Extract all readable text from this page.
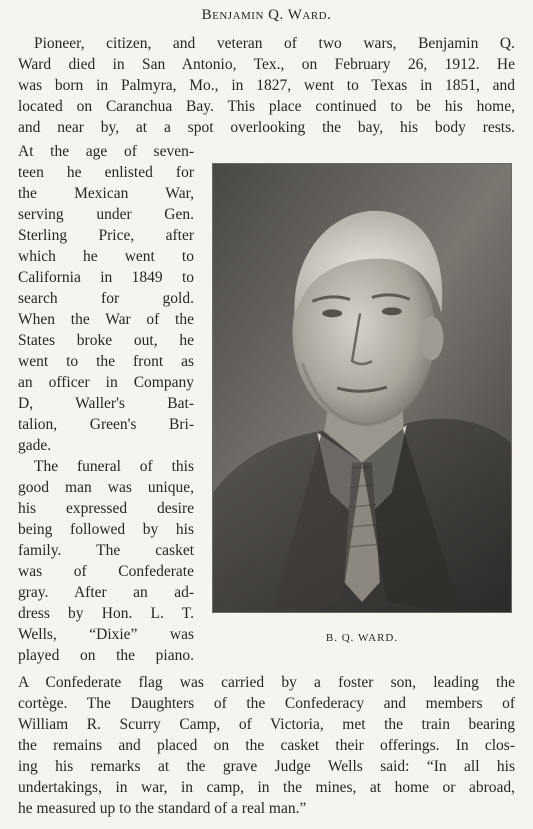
Benjamin Q. Ward.
Pioneer, citizen, and veteran of two wars, Benjamin Q.
Ward died in San Antonio, Tex., on February 26, 1912. He
was born in Palmyra, Mo., in 1827, went to Texas in 1851, and
located on Caranchua Bay. This place continued to be his home,
and near by, at a spot overlooking the bay, his body rests.
At the age of seven-
teen he enlisted for
the Mexican War,
serving under Gen.
Sterling Price, after
which he went to
California in 1849 to
search for gold.
When the War of the
States broke out, he
went to the front as
an officer in Company
D, Waller's Bat-
talion, Green's Bri-
gade.
The funeral of this
good man was unique,
his expressed desire
being followed by his
family. The casket
was of Confederate
gray. After an ad-
dress by Hon. L. T.
Wells, “Dixie” was
played on the piano.
B. Q. WARD.
A Confederate flag was carried by a foster son, leading the
cortège. The Daughters of the Confederacy and members of
William R. Scurry Camp, of Victoria, met the train bearing
the remains and placed on the casket their offerings. In clos-
ing his remarks at the grave Judge Wells said: “In all his
undertakings, in war, in camp, in the mines, at home or abroad,
he measured up to the standard of a real man.”
